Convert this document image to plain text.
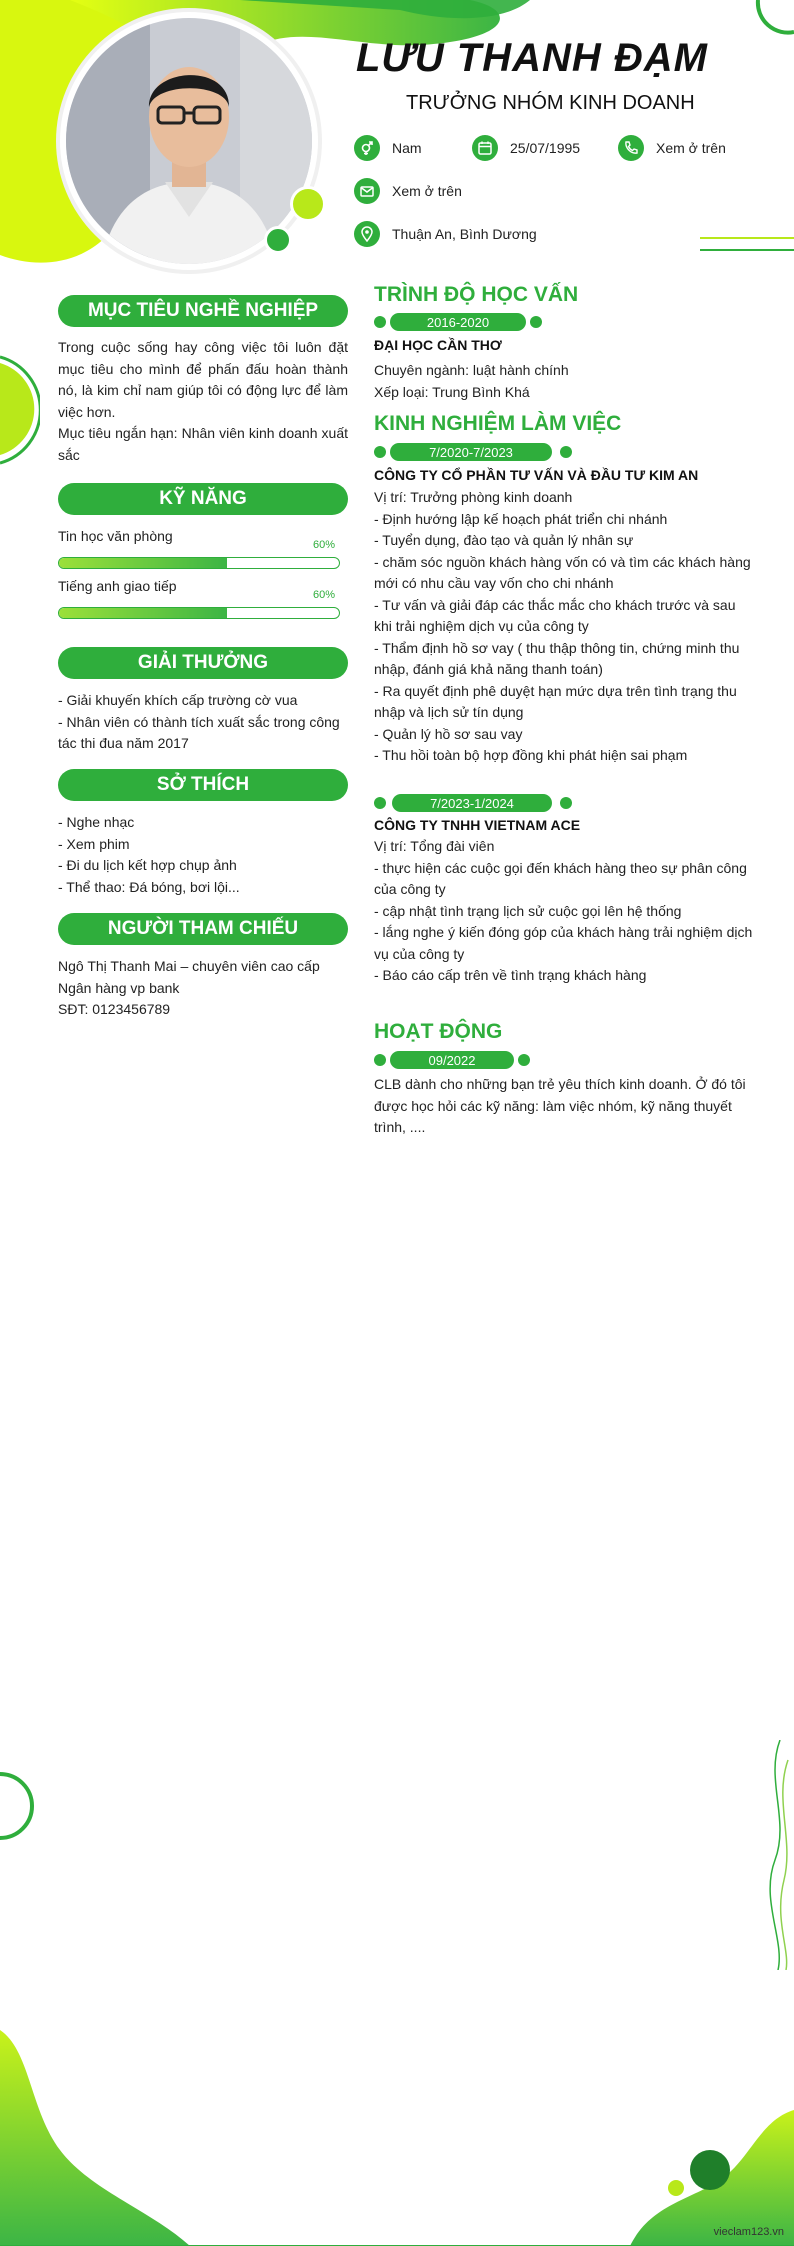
LƯU THANH ĐẠM
TRƯỞNG NHÓM KINH DOANH
Nam	25/07/1995	Xem ở trên
Xem ở trên
Thuận An, Bình Dương
MỤC TIÊU NGHỀ NGHIỆP
Trong cuộc sống hay công việc tôi luôn đặt mục tiêu cho mình để phấn đấu hoàn thành nó, là kim chỉ nam giúp tôi có động lực để làm việc hơn.
Mục tiêu ngắn hạn: Nhân viên kinh doanh xuất sắc
KỸ NĂNG
Tin học văn phòng
60%
Tiếng anh giao tiếp
60%
GIẢI THƯỞNG
- Giải khuyến khích cấp trường cờ vua
- Nhân viên có thành tích xuất sắc trong công tác thi đua năm 2017
SỞ THÍCH
- Nghe nhạc
- Xem phim
- Đi du lịch kết hợp chụp ảnh
- Thể thao: Đá bóng, bơi lội...
NGƯỜI THAM CHIẾU
Ngô Thị Thanh Mai – chuyên viên cao cấp
Ngân hàng vp bank
SĐT: 0123456789
TRÌNH ĐỘ HỌC VẤN
2016-2020
ĐẠI HỌC CẦN THƠ
Chuyên ngành: luật hành chính
Xếp loại: Trung Bình Khá
KINH NGHIỆM LÀM VIỆC
7/2020-7/2023
CÔNG TY CỔ PHẦN TƯ VẤN VÀ ĐẦU TƯ KIM AN
Vị trí: Trưởng phòng kinh doanh
- Định hướng lập kế hoạch phát triển chi nhánh
- Tuyển dụng, đào tạo và quản lý nhân sự
- chăm sóc nguồn khách hàng vốn có và tìm các khách hàng mới có nhu cầu vay vốn cho chi nhánh
- Tư vấn và giải đáp các thắc mắc cho khách trước và sau khi trải nghiệm dịch vụ của công ty
- Thẩm định hồ sơ vay ( thu thập thông tin, chứng minh thu nhập, đánh giá khả năng thanh toán)
- Ra quyết định phê duyệt hạn mức dựa trên tình trạng thu nhập và lịch sử tín dụng
- Quản lý hồ sơ sau vay
- Thu hồi toàn bộ hợp đồng khi phát hiện sai phạm
7/2023-1/2024
CÔNG TY TNHH VIETNAM ACE
Vị trí: Tổng đài viên
- thực hiện các cuộc gọi đến khách hàng theo sự phân công của công ty
- cập nhật tình trạng lịch sử cuộc gọi lên hệ thống
- lắng nghe ý kiến đóng góp của khách hàng trải nghiệm dịch vụ của công ty
- Báo cáo cấp trên về tình trạng khách hàng
HOẠT ĐỘNG
09/2022
CLB dành cho những bạn trẻ yêu thích kinh doanh. Ở đó tôi được học hỏi các kỹ năng: làm việc nhóm, kỹ năng thuyết trình, ....
vieclam123.vn
